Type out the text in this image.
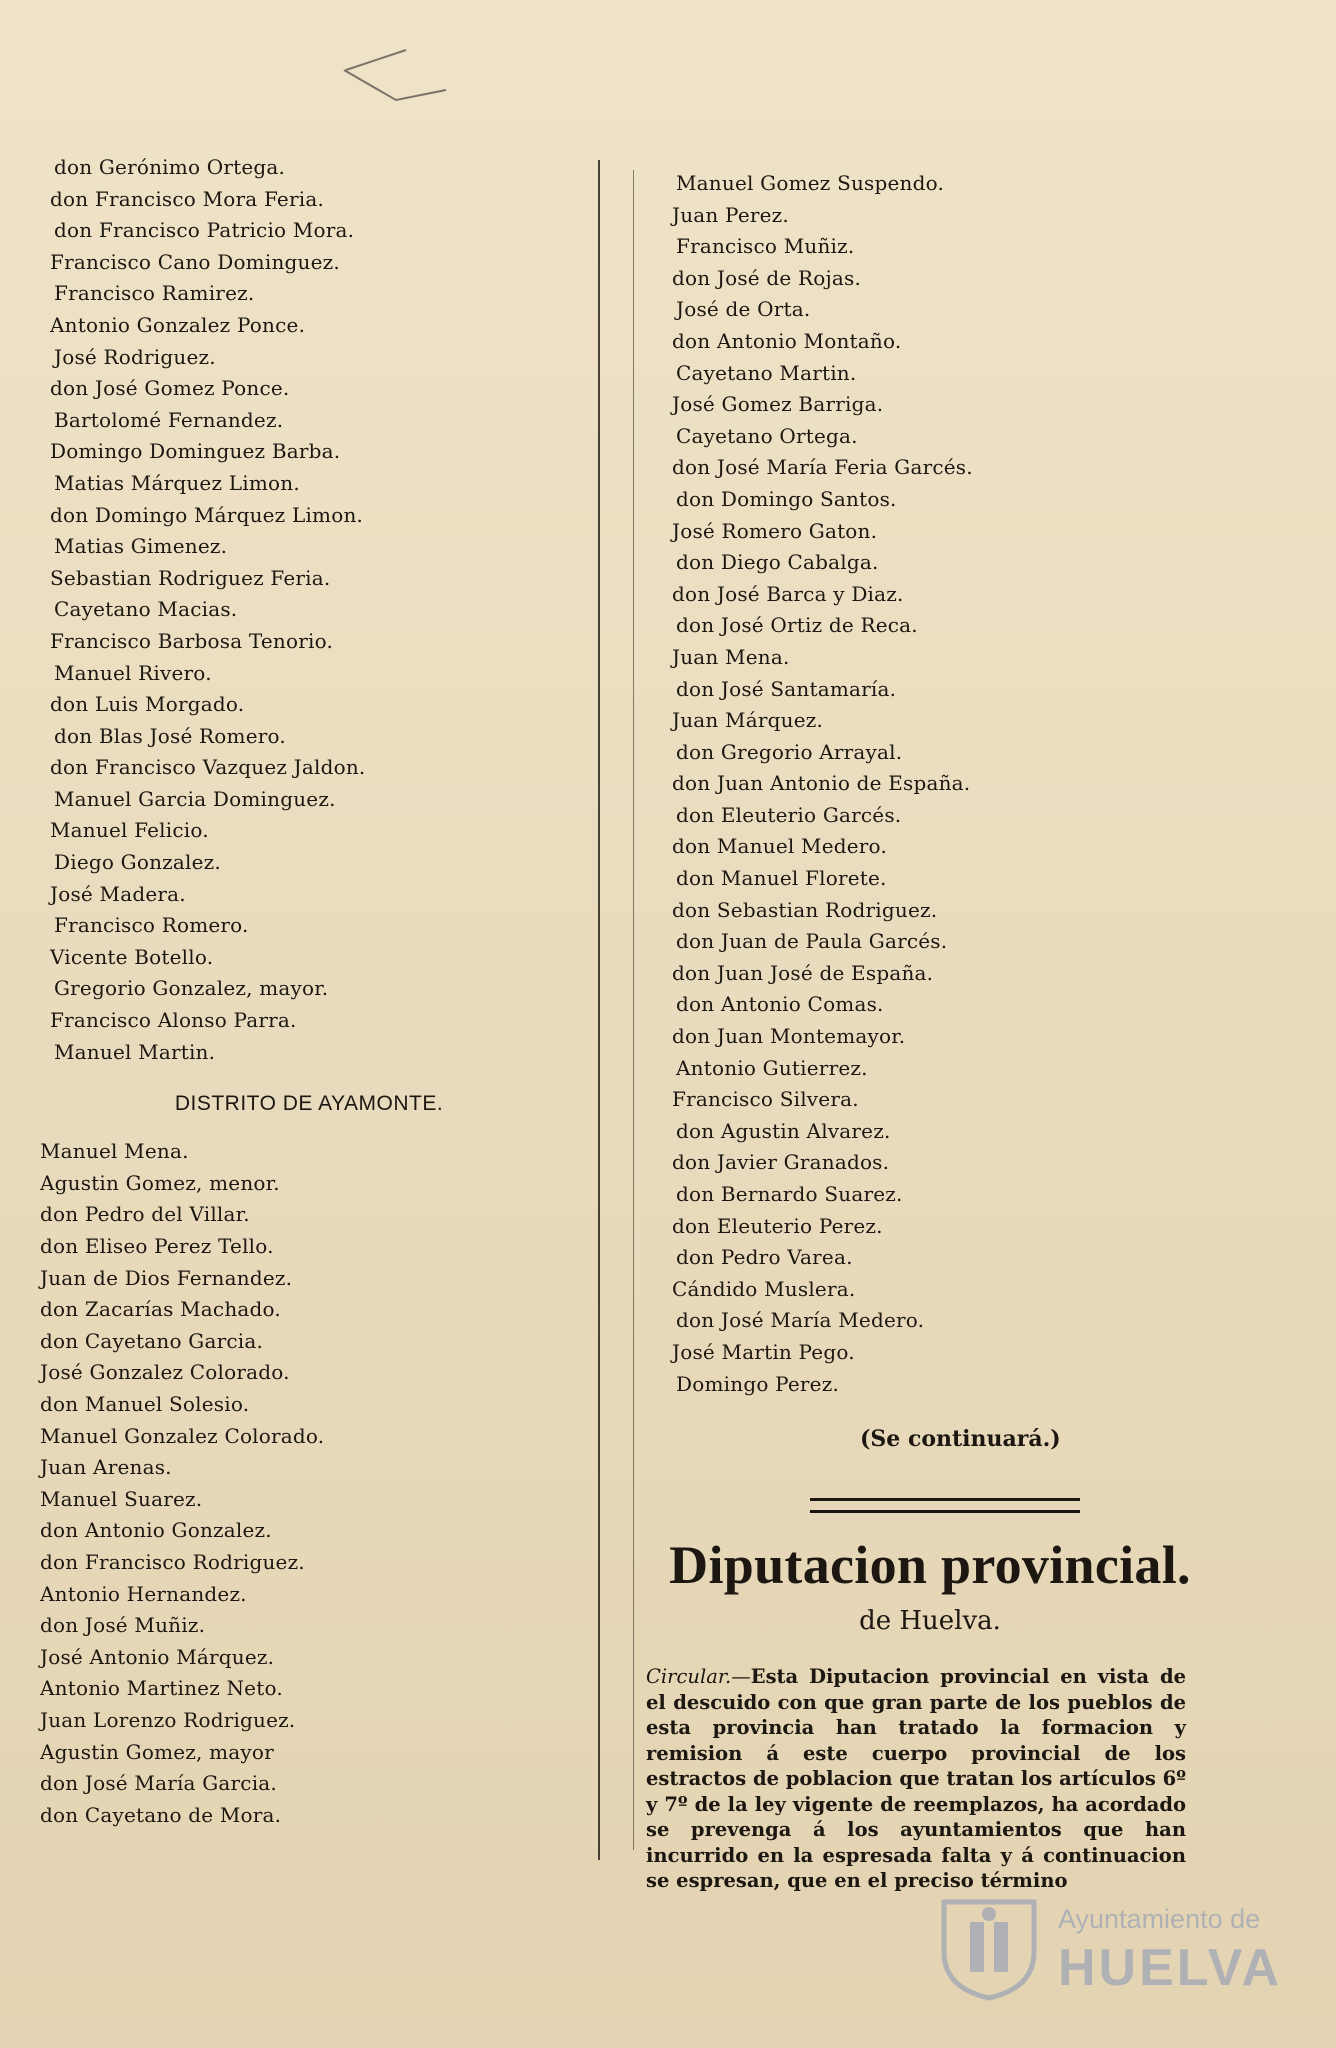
don Gerónimo Ortega.
don Francisco Mora Feria.
don Francisco Patricio Mora.
Francisco Cano Dominguez.
Francisco Ramirez.
Antonio Gonzalez Ponce.
José Rodriguez.
don José Gomez Ponce.
Bartolomé Fernandez.
Domingo Dominguez Barba.
Matias Márquez Limon.
don Domingo Márquez Limon.
Matias Gimenez.
Sebastian Rodriguez Feria.
Cayetano Macias.
Francisco Barbosa Tenorio.
Manuel Rivero.
don Luis Morgado.
don Blas José Romero.
don Francisco Vazquez Jaldon.
Manuel Garcia Dominguez.
Manuel Felicio.
Diego Gonzalez.
José Madera.
Francisco Romero.
Vicente Botello.
Gregorio Gonzalez, mayor.
Francisco Alonso Parra.
Manuel Martin.
DISTRITO DE AYAMONTE.
Manuel Mena.
Agustin Gomez, menor.
don Pedro del Villar.
don Eliseo Perez Tello.
Juan de Dios Fernandez.
don Zacarías Machado.
don Cayetano Garcia.
José Gonzalez Colorado.
don Manuel Solesio.
Manuel Gonzalez Colorado.
Juan Arenas.
Manuel Suarez.
don Antonio Gonzalez.
don Francisco Rodriguez.
Antonio Hernandez.
don José Muñiz.
José Antonio Márquez.
Antonio Martinez Neto.
Juan Lorenzo Rodriguez.
Agustin Gomez, mayor
don José María Garcia.
don Cayetano de Mora.
Manuel Gomez Suspendo.
Juan Perez.
Francisco Muñiz.
don José de Rojas.
José de Orta.
don Antonio Montaño.
Cayetano Martin.
José Gomez Barriga.
Cayetano Ortega.
don José María Feria Garcés.
don Domingo Santos.
José Romero Gaton.
don Diego Cabalga.
don José Barca y Diaz.
don José Ortiz de Reca.
Juan Mena.
don José Santamaría.
Juan Márquez.
don Gregorio Arrayal.
don Juan Antonio de España.
don Eleuterio Garcés.
don Manuel Medero.
don Manuel Florete.
don Sebastian Rodriguez.
don Juan de Paula Garcés.
don Juan José de España.
don Antonio Comas.
don Juan Montemayor.
Antonio Gutierrez.
Francisco Silvera.
don Agustin Alvarez.
don Javier Granados.
don Bernardo Suarez.
don Eleuterio Perez.
don Pedro Varea.
Cándido Muslera.
don José María Medero.
José Martin Pego.
Domingo Perez.
(Se continuará.)
Diputacion provincial.
de Huelva.
Circular.—Esta Diputacion provincial en vista de el descuido con que gran parte de los pueblos de esta provincia han tratado la formacion y remision á este cuerpo provincial de los estractos de poblacion que tratan los artículos 6º y 7º de la ley vigente de reemplazos, ha acordado se prevenga á los ayuntamientos que han incurrido en la espresada falta y á continuacion se espresan, que en el preciso término
Ayuntamiento de
HUELVA
